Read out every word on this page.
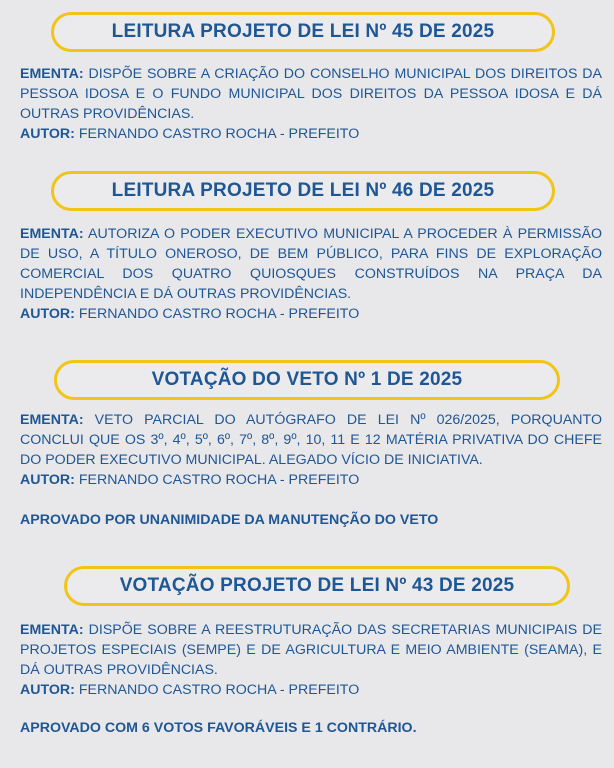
LEITURA PROJETO DE LEI Nº 45 DE 2025

EMENTA: DISPÕE SOBRE A CRIAÇÃO DO CONSELHO MUNICIPAL DOS DIREITOS DA PESSOA IDOSA E O FUNDO MUNICIPAL DOS DIREITOS DA PESSOA IDOSA E DÁ OUTRAS PROVIDÊNCIAS.

AUTOR: FERNANDO CASTRO ROCHA - PREFEITO

LEITURA PROJETO DE LEI Nº 46 DE 2025

EMENTA: AUTORIZA O PODER EXECUTIVO MUNICIPAL A PROCEDER À PERMISSÃO DE USO, A TÍTULO ONEROSO, DE BEM PÚBLICO, PARA FINS DE EXPLORAÇÃO COMERCIAL DOS QUATRO QUIOSQUES CONSTRUÍDOS NA PRAÇA DA INDEPENDÊNCIA E DÁ OUTRAS PROVIDÊNCIAS.

AUTOR: FERNANDO CASTRO ROCHA - PREFEITO

VOTAÇÃO DO VETO Nº 1 DE 2025

EMENTA: VETO PARCIAL DO AUTÓGRAFO DE LEI Nº 026/2025, PORQUANTO CONCLUI QUE OS 3º, 4º, 5º, 6º, 7º, 8º, 9º, 10, 11 E 12 MATÉRIA PRIVATIVA DO CHEFE DO PODER EXECUTIVO MUNICIPAL. ALEGADO VÍCIO DE INICIATIVA.

AUTOR: FERNANDO CASTRO ROCHA - PREFEITO

APROVADO POR UNANIMIDADE DA MANUTENÇÃO DO VETO
VOTAÇÃO PROJETO DE LEI Nº 43 DE 2025

EMENTA: DISPÕE SOBRE A REESTRUTURAÇÃO DAS SECRETARIAS MUNICIPAIS DE PROJETOS ESPECIAIS (SEMPE) E DE AGRICULTURA E MEIO AMBIENTE (SEAMA), E DÁ OUTRAS PROVIDÊNCIAS.

AUTOR: FERNANDO CASTRO ROCHA - PREFEITO

APROVADO COM 6 VOTOS FAVORÁVEIS E 1 CONTRÁRIO.
